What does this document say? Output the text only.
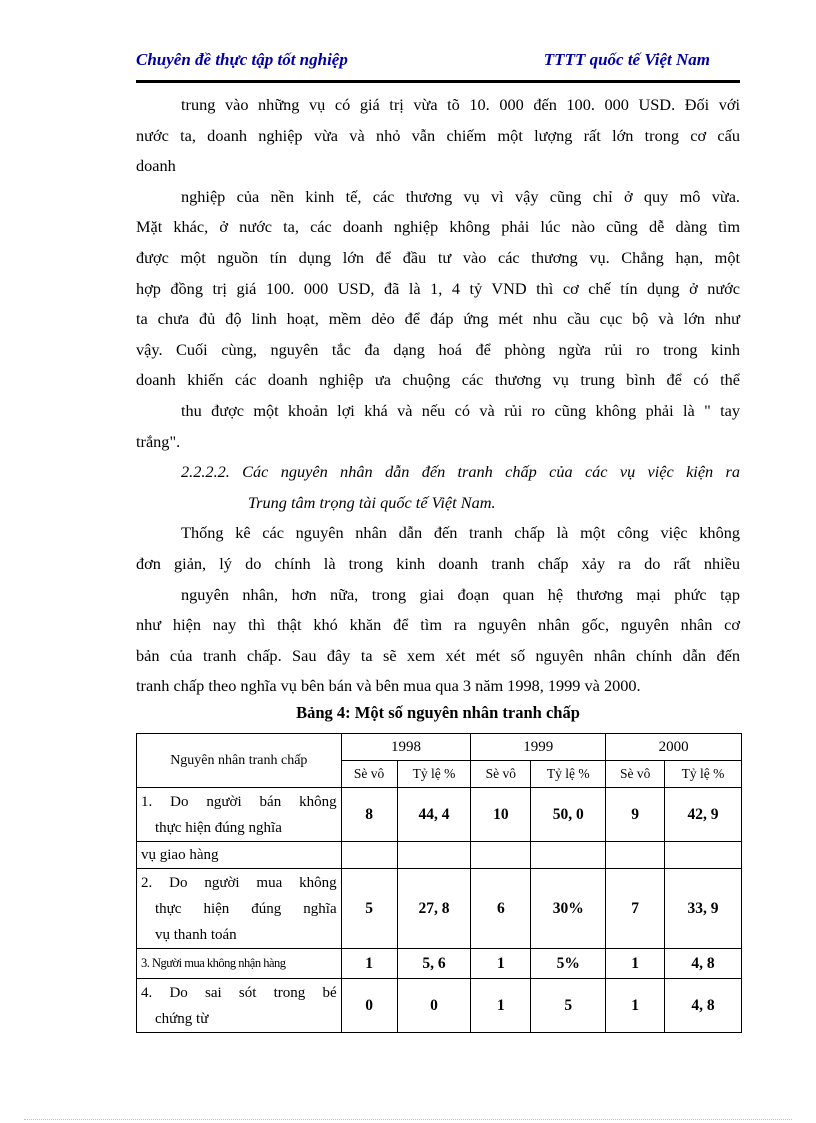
Chuyên đề thực tập tốt nghiệp	TTTT quốc tế Việt Nam

trung vào những vụ có giá trị vừa tõ 10. 000 đến 100. 000 USD. Đối với

nước ta, doanh nghiệp vừa và nhỏ vẫn chiếm một lượng rất lớn trong cơ cấu

doanh

nghiệp của nền kinh tế, các thương vụ vì vậy cũng chỉ ở quy mô vừa.

Mặt khác, ở nước ta, các doanh nghiệp không phải lúc nào cũng dễ dàng tìm

được một nguồn tín dụng lớn để đầu tư vào các thương vụ. Chẳng hạn, một

hợp đồng trị giá 100. 000 USD, đã là 1, 4 tỷ VND thì cơ chế tín dụng ở nước

ta chưa đủ độ linh hoạt, mềm dẻo để đáp ứng mét nhu cầu cục bộ và lớn như

vậy. Cuối cùng, nguyên tắc đa dạng hoá để phòng ngừa rủi ro trong kinh

doanh khiến các doanh nghiệp ưa chuộng các thương vụ trung bình để có thể

thu được một khoản lợi khá và nếu có và rủi ro cũng không phải là " tay

trắng".

2.2.2.2. Các nguyên nhân dẫn đến tranh chấp của các vụ việc kiện ra

Trung tâm trọng tài quốc tế Việt Nam.

Thống kê các nguyên nhân dẫn đến tranh chấp là một công việc không

đơn giản, lý do chính là trong kinh doanh tranh chấp xảy ra do rất nhiều

nguyên nhân, hơn nữa, trong giai đoạn quan hệ thương mại phức tạp

như hiện nay thì thật khó khăn để tìm ra nguyên nhân gốc, nguyên nhân cơ

bản của tranh chấp. Sau đây ta sẽ xem xét mét số nguyên nhân chính dẫn đến

tranh chấp theo nghĩa vụ bên bán và bên mua qua 3 năm 1998, 1999 và 2000.

Bảng 4: Một số nguyên nhân tranh chấp
Nguyên nhân tranh chấp	1998		1999		2000	
	Sè vô	Tỷ lệ %	Sè vô	Tỷ lệ %	Sè vô	Tỷ lệ %

1. Do người bán không
thực hiện đúng nghĩa	8	44, 4	10	50, 0	9	42, 9
vụ giao hàng						

2. Do người mua không
thực hiện đúng nghĩa
vụ thanh toán	5	27, 8	6	30%	7	33, 9
3. Người mua không nhận hàng	1	5, 6	1	5%	1	4, 8

4. Do sai sót trong bé
chứng từ	0	0	1	5	1	4, 8
